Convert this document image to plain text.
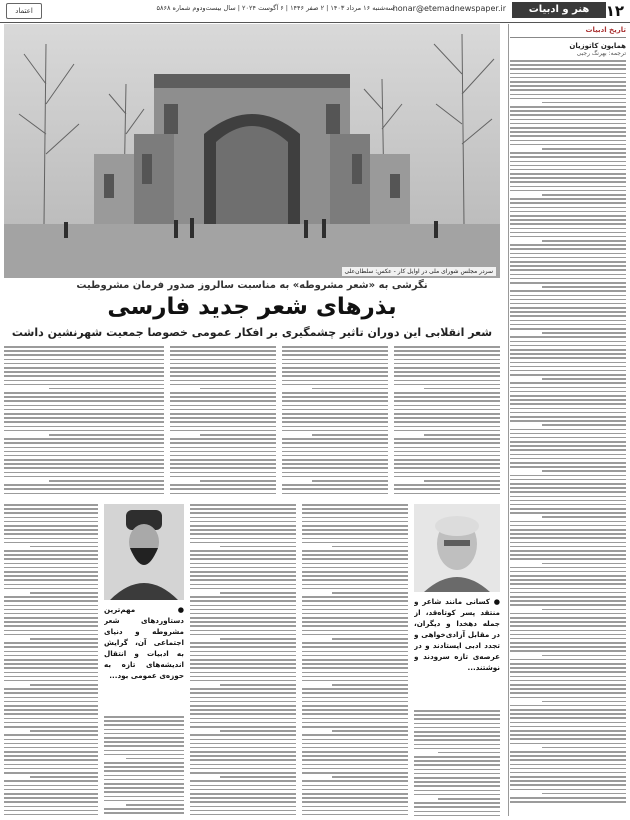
۱۲
هنر و ادبیات
honar@etemadnewspaper.ir
سه‌شنبه ۱۶ مرداد ۱۴۰۳ | ۲ صفر ۱۴۴۶ | ۶ آگوست ۲۰۲۴ | سال بیست‌ودوم شماره ۵۸۶۸
اعتماد
تاریخ ادبیات
همایون کاتوزیان
ترجمه: بهرنگ رجبی
سردر مجلس شورای ملی در اوایل کار - عکس: سلطان‌علی
نگرشی به «شعر مشروطه» به مناسبت سالروز صدور فرمان مشروطیت
بذرهای شعر جدید فارسی
شعر انقلابی این دوران تاثیر چشمگیری بر افکار عمومی خصوصا جمعیت شهرنشین داشت
● کسانی مانند شاعر و منتقد پسر کوتاه‌قد، از جمله دهخدا و دیگران، در مقابل آزادی‌خواهی و تجدد ادبی ایستادند و در عرصه‌ی تازه سرودند و نوشتند...
● مهم‌ترین دستاوردهای شعر مشروطه و دنیای اجتماعی آن، گرایش به ادبیات و انتقال اندیشه‌های تازه به حوزه‌ی عمومی بود...
